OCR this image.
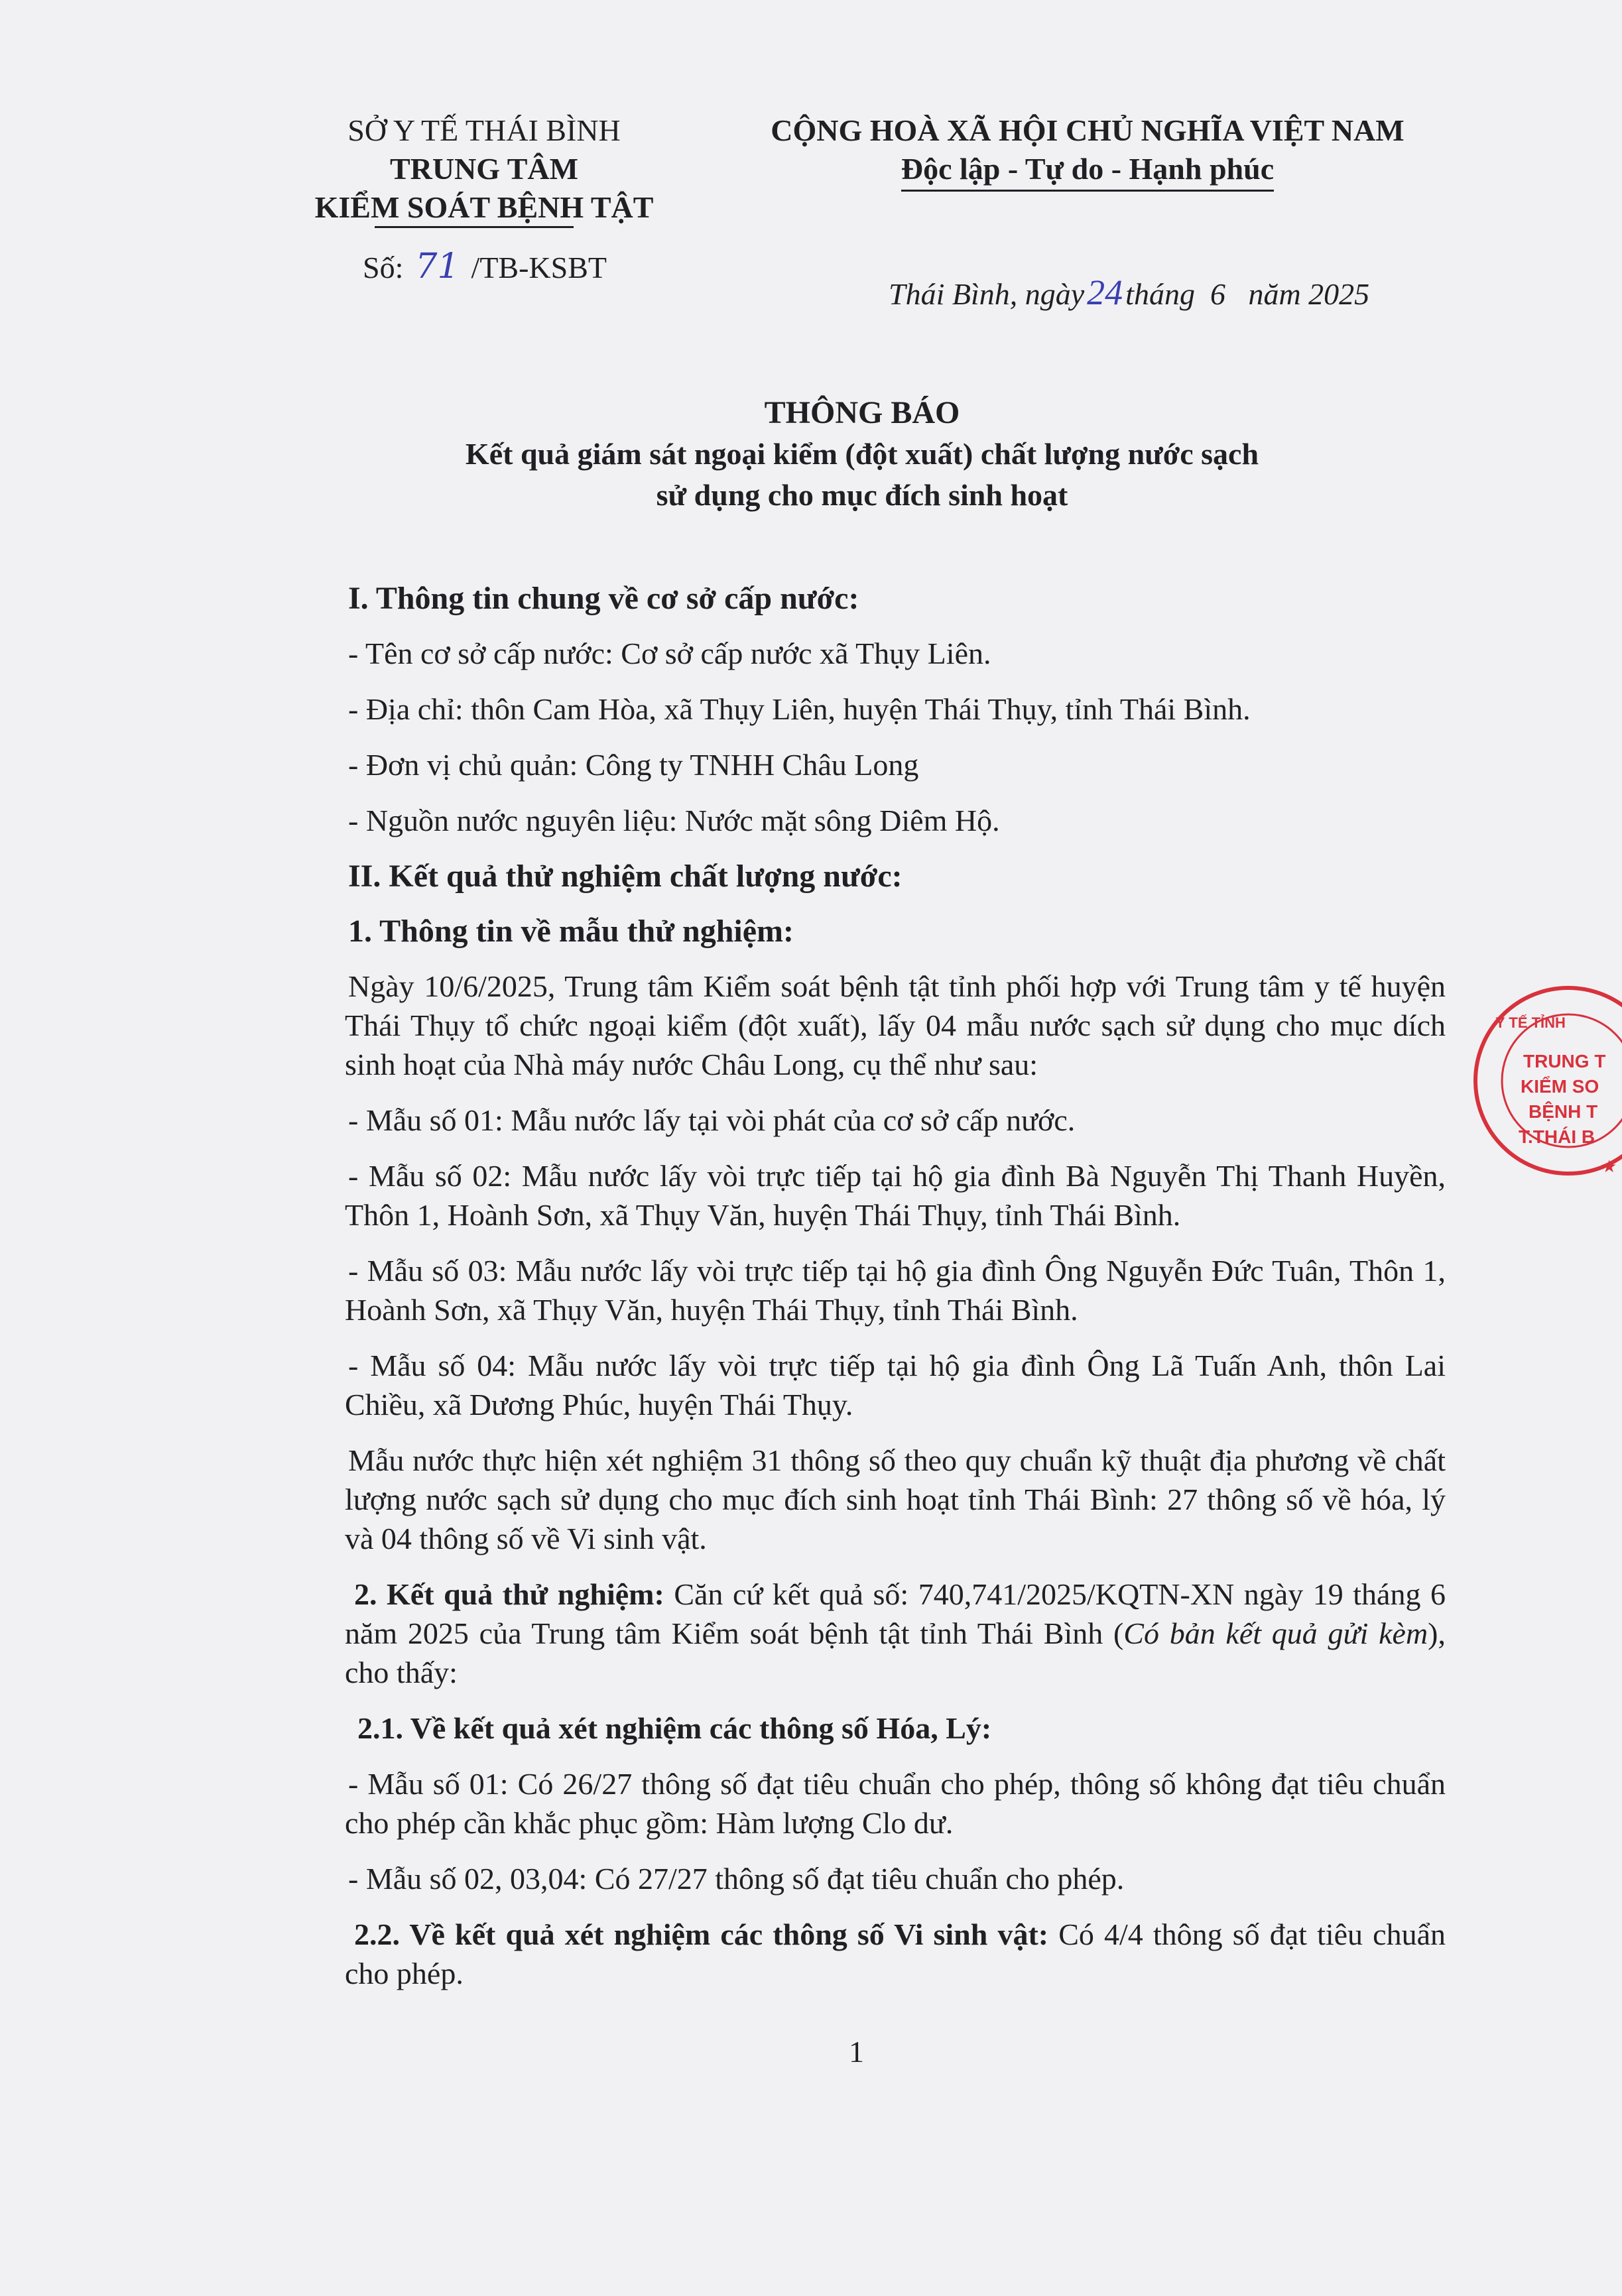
SỞ Y TẾ THÁI BÌNH
TRUNG TÂM
KIỂM SOÁT BỆNH TẬT
Số: 71 /TB-KSBT
CỘNG HOÀ XÃ HỘI CHỦ NGHĨA VIỆT NAM
Độc lập - Tự do - Hạnh phúc
Thái Bình, ngày24tháng  6   năm 2025
THÔNG BÁO
Kết quả giám sát ngoại kiểm (đột xuất) chất lượng nước sạch
sử dụng cho mục đích sinh hoạt

I. Thông tin chung về cơ sở cấp nước:

- Tên cơ sở cấp nước: Cơ sở cấp nước xã Thụy Liên.

- Địa chỉ: thôn Cam Hòa, xã Thụy Liên, huyện Thái Thụy, tỉnh Thái Bình.

- Đơn vị chủ quản: Công ty TNHH Châu Long

- Nguồn nước nguyên liệu: Nước mặt sông Diêm Hộ.

II. Kết quả thử nghiệm chất lượng nước:

1. Thông tin về mẫu thử nghiệm:

Ngày 10/6/2025, Trung tâm Kiểm soát bệnh tật tỉnh phối hợp với Trung tâm y tế huyện Thái Thụy tổ chức ngoại kiểm (đột xuất), lấy 04 mẫu nước sạch sử dụng cho mục dích sinh hoạt của Nhà máy nước Châu Long, cụ thể như sau:

- Mẫu số 01: Mẫu nước lấy tại vòi phát của cơ sở cấp nước.

- Mẫu số 02: Mẫu nước lấy vòi trực tiếp tại hộ gia đình Bà Nguyễn Thị Thanh Huyền, Thôn 1, Hoành Sơn, xã Thụy Văn, huyện Thái Thụy, tỉnh Thái Bình.

- Mẫu số 03: Mẫu nước lấy vòi trực tiếp tại hộ gia đình Ông Nguyễn Đức Tuân, Thôn 1, Hoành Sơn, xã Thụy Văn, huyện Thái Thụy, tỉnh Thái Bình.

- Mẫu số 04: Mẫu nước lấy vòi trực tiếp tại hộ gia đình Ông Lã Tuấn Anh, thôn Lai Chiều, xã Dương Phúc, huyện Thái Thụy.

Mẫu nước thực hiện xét nghiệm 31 thông số theo quy chuẩn kỹ thuật địa phương về chất lượng nước sạch sử dụng cho mục đích sinh hoạt tỉnh Thái Bình: 27 thông số về hóa, lý và 04 thông số về Vi sinh vật.

2. Kết quả thử nghiệm: Căn cứ kết quả số: 740,741/2025/KQTN-XN ngày 19 tháng 6 năm 2025 của Trung tâm Kiểm soát bệnh tật tỉnh Thái Bình (Có bản kết quả gửi kèm), cho thấy:

2.1. Về kết quả xét nghiệm các thông số Hóa, Lý:

- Mẫu số 01: Có 26/27 thông số đạt tiêu chuẩn cho phép, thông số không đạt tiêu chuẩn cho phép cần khắc phục gồm: Hàm lượng Clo dư.

- Mẫu số 02, 03,04: Có 27/27 thông số đạt tiêu chuẩn cho phép.

2.2. Về kết quả xét nghiệm các thông số Vi sinh vật: Có 4/4 thông số đạt tiêu chuẩn cho phép.

1
Y TẾ TỈNH
TRUNG T
KIỂM SO
BỆNH T
T.THÁI B
★
